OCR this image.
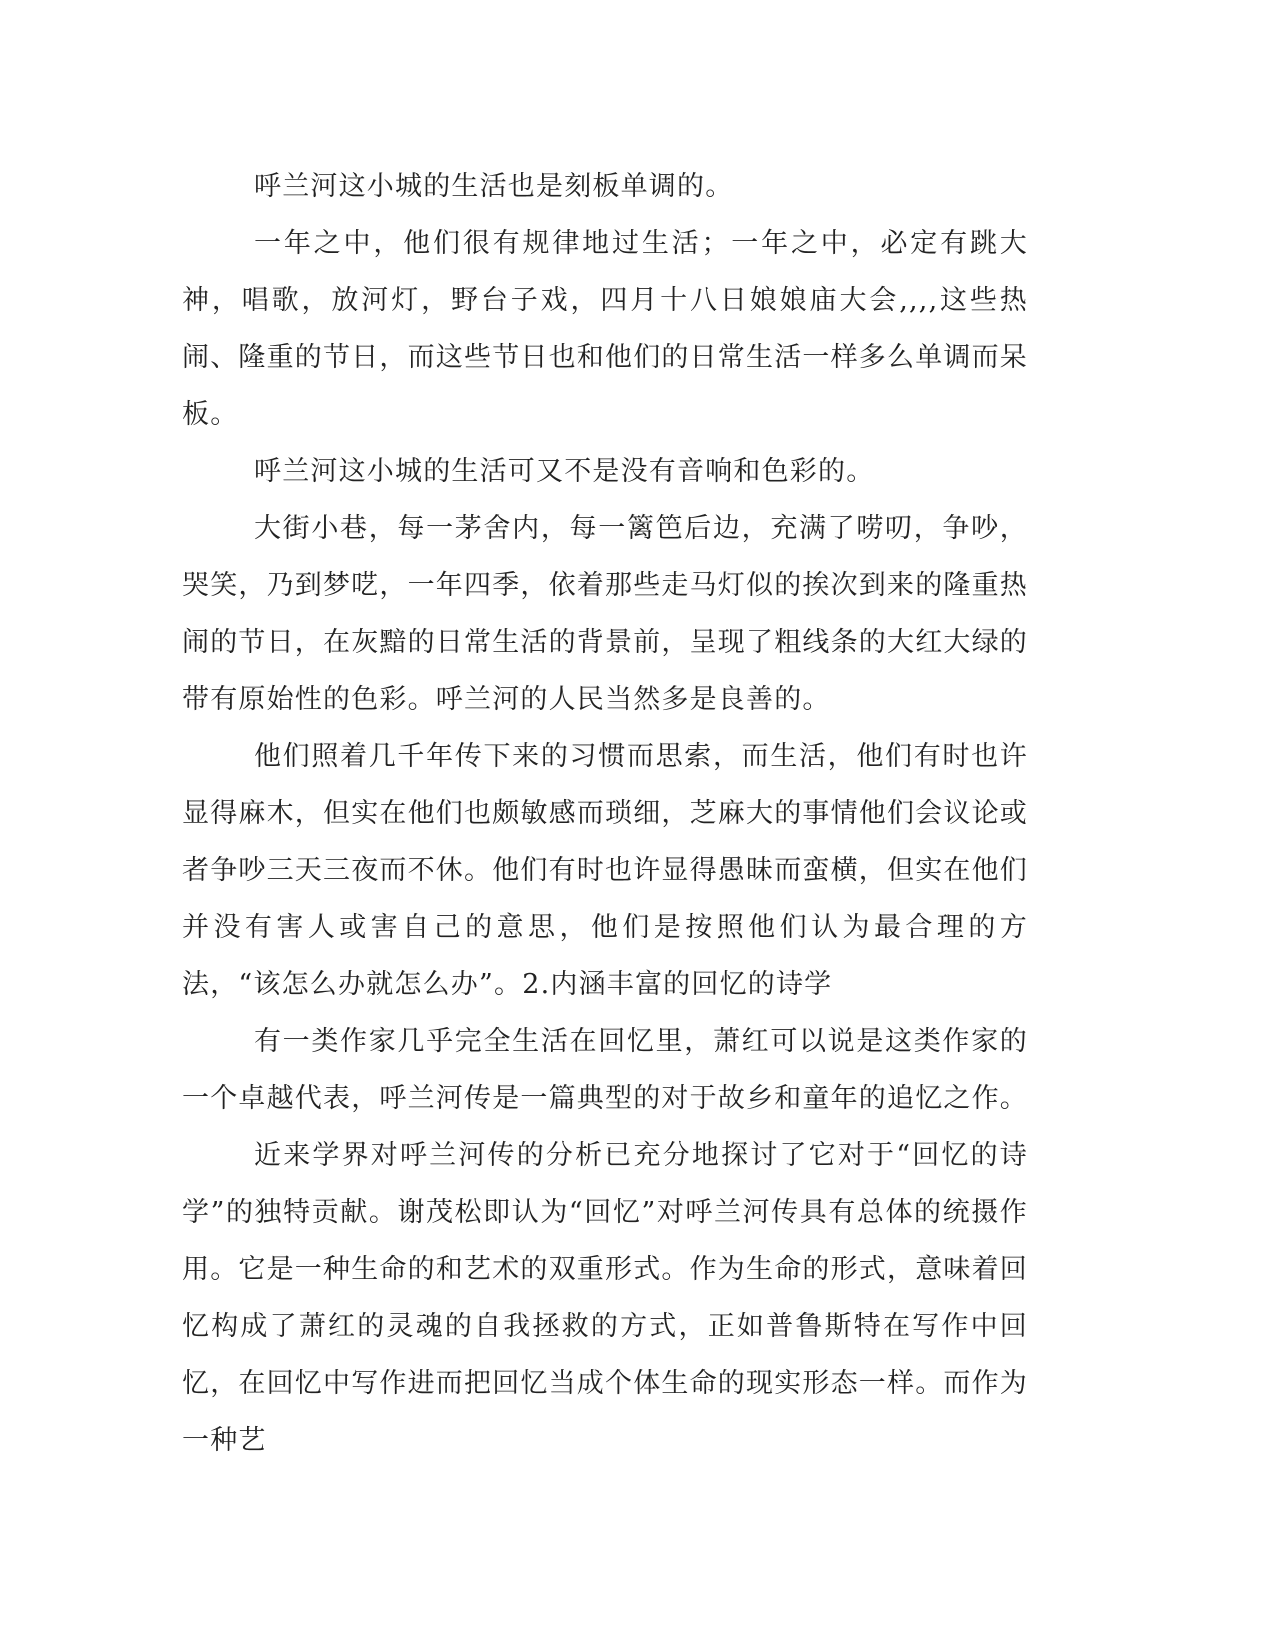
呼兰河这小城的生活也是刻板单调的。

一年之中，他们很有规律地过生活；一年之中，必定有跳大神，唱歌，放河灯，野台子戏，四月十八日娘娘庙大会,,,,这些热闹、隆重的节日，而这些节日也和他们的日常生活一样多么单调而呆板。

呼兰河这小城的生活可又不是没有音响和色彩的。

大街小巷，每一茅舍内，每一篱笆后边，充满了唠叨，争吵，哭笑，乃到梦呓，一年四季，依着那些走马灯似的挨次到来的隆重热闹的节日，在灰黯的日常生活的背景前，呈现了粗线条的大红大绿的带有原始性的色彩。呼兰河的人民当然多是良善的。

他们照着几千年传下来的习惯而思索，而生活，他们有时也许显得麻木，但实在他们也颇敏感而琐细，芝麻大的事情他们会议论或者争吵三天三夜而不休。他们有时也许显得愚昧而蛮横，但实在他们并没有害人或害自己的意思，他们是按照他们认为最合理的方法，“该怎么办就怎么办”。2.内涵丰富的回忆的诗学

有一类作家几乎完全生活在回忆里，萧红可以说是这类作家的一个卓越代表，呼兰河传是一篇典型的对于故乡和童年的追忆之作。

近来学界对呼兰河传的分析已充分地探讨了它对于“回忆的诗学”的独特贡献。谢茂松即认为“回忆”对呼兰河传具有总体的统摄作用。它是一种生命的和艺术的双重形式。作为生命的形式，意味着回忆构成了萧红的灵魂的自我拯救的方式，正如普鲁斯特在写作中回忆，在回忆中写作进而把回忆当成个体生命的现实形态一样。而作为一种艺
